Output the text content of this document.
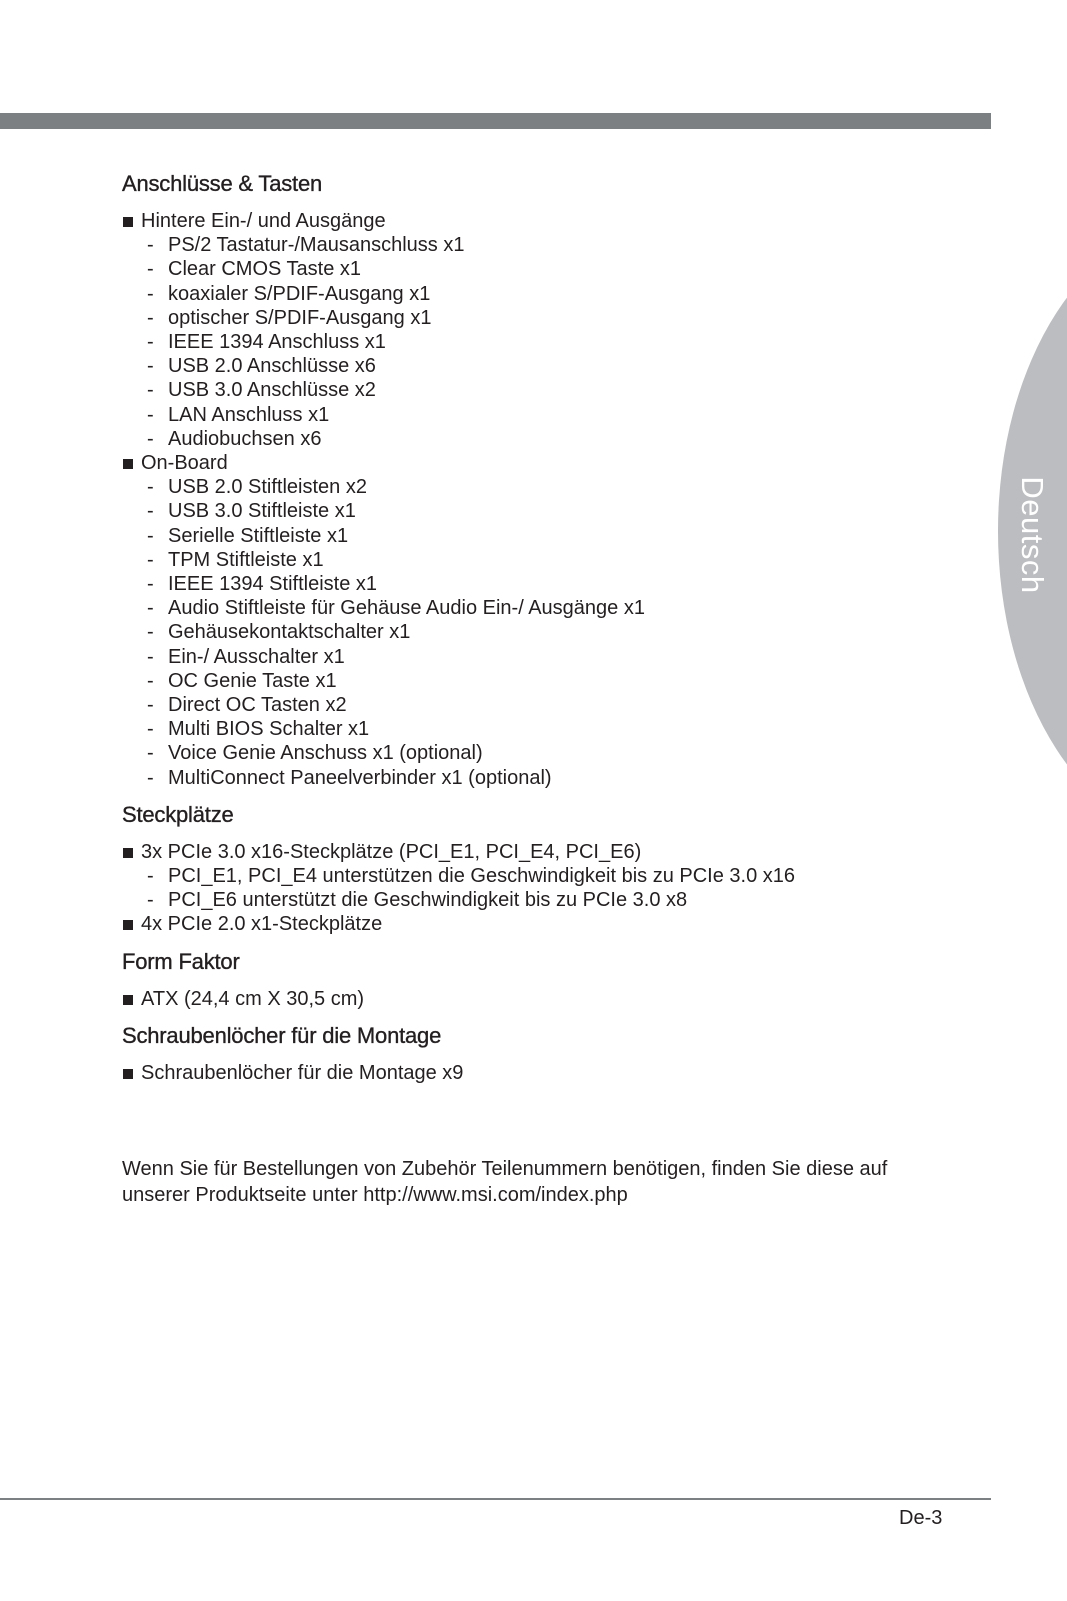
Deutsch
Anschlüsse & Tasten
Hintere Ein-/ und Ausgänge
- PS/2 Tastatur-/Mausanschluss x1
- Clear CMOS Taste x1
- koaxialer S/PDIF-Ausgang x1
- optischer S/PDIF-Ausgang x1
- IEEE 1394 Anschluss x1
- USB 2.0 Anschlüsse x6
- USB 3.0 Anschlüsse x2
- LAN Anschluss x1
- Audiobuchsen x6
On-Board
- USB 2.0 Stiftleisten x2
- USB 3.0 Stiftleiste x1
- Serielle Stiftleiste x1
- TPM Stiftleiste x1
- IEEE 1394 Stiftleiste x1
- Audio Stiftleiste für Gehäuse Audio Ein-/ Ausgänge x1
- Gehäusekontaktschalter x1
- Ein-/ Ausschalter x1
- OC Genie Taste x1
- Direct OC Tasten x2
- Multi BIOS Schalter x1
- Voice Genie Anschuss x1 (optional)
- MultiConnect Paneelverbinder x1 (optional)
Steckplätze
3x PCIe 3.0 x16-Steckplätze (PCI_E1, PCI_E4, PCI_E6)
- PCI_E1, PCI_E4 unterstützen die Geschwindigkeit bis zu PCIe 3.0 x16
- PCI_E6 unterstützt die Geschwindigkeit bis zu PCIe 3.0 x8
4x PCIe 2.0 x1-Steckplätze
Form Faktor
ATX (24,4 cm X 30,5 cm)
Schraubenlöcher für die Montage
Schraubenlöcher für die Montage x9

Wenn Sie für Bestellungen von Zubehör Teilenummern benötigen, finden Sie diese auf unserer Produktseite unter http://www.msi.com/index.php

De-3
